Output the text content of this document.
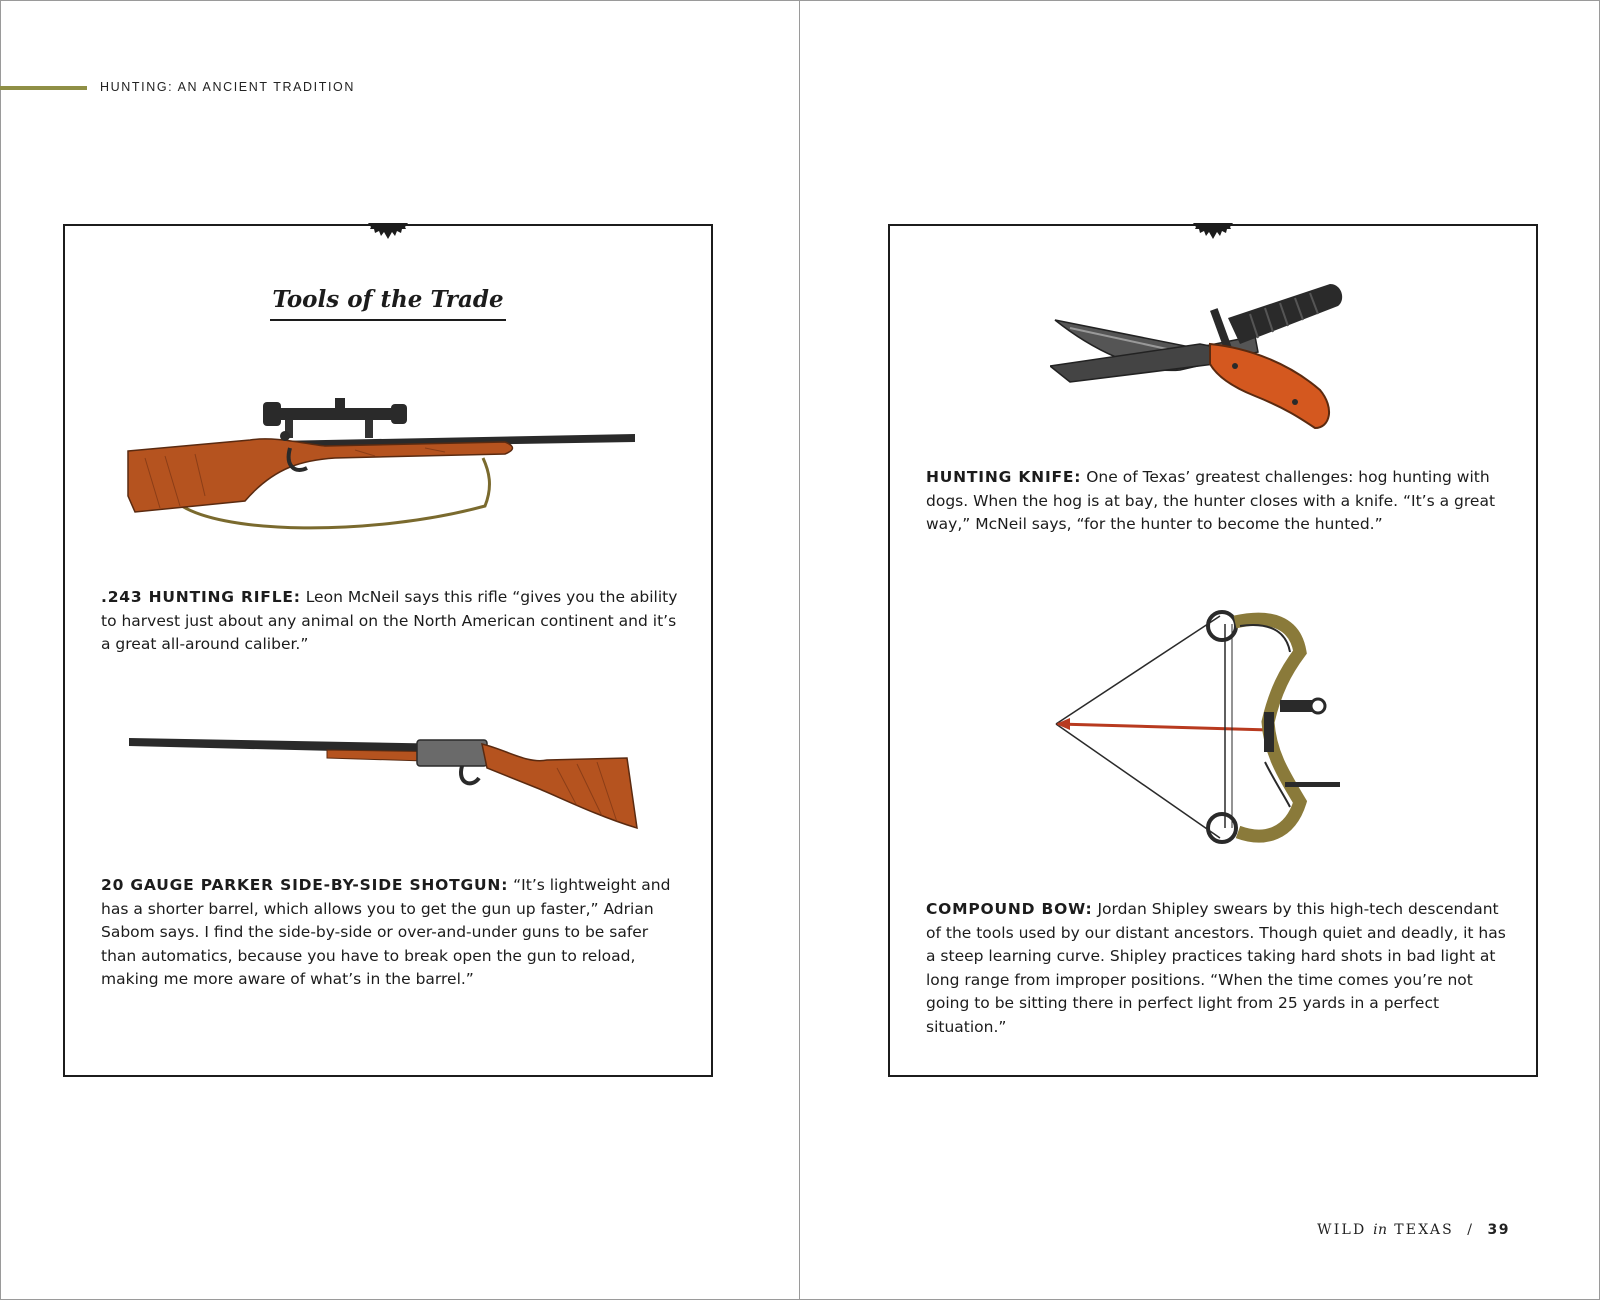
HUNTING: AN ANCIENT TRADITION
Tools of the Trade
.243 HUNTING RIFLE: Leon McNeil says this rifle “gives you the ability to harvest just about any animal on the North American continent and it’s a great all-around caliber.”
20 GAUGE PARKER SIDE-BY-SIDE SHOTGUN: “It’s lightweight and has a shorter barrel, which allows you to get the gun up faster,” Adrian Sabom says. I find the side-by-side or over-and-under guns to be safer than automatics, because you have to break open the gun to reload, making me more aware of what’s in the barrel.”
HUNTING KNIFE: One of Texas’ greatest challenges: hog hunting with dogs. When the hog is at bay, the hunter closes with a knife. “It’s a great way,” McNeil says, “for the hunter to become the hunted.”
COMPOUND BOW: Jordan Shipley swears by this high-tech descendant of the tools used by our distant ancestors. Though quiet and deadly, it has a steep learning curve. Shipley practices taking hard shots in bad light at long range from improper positions. “When the time comes you’re not going to be sitting there in perfect light from 25 yards in a perfect situation.”
WILD in TEXAS / 39
